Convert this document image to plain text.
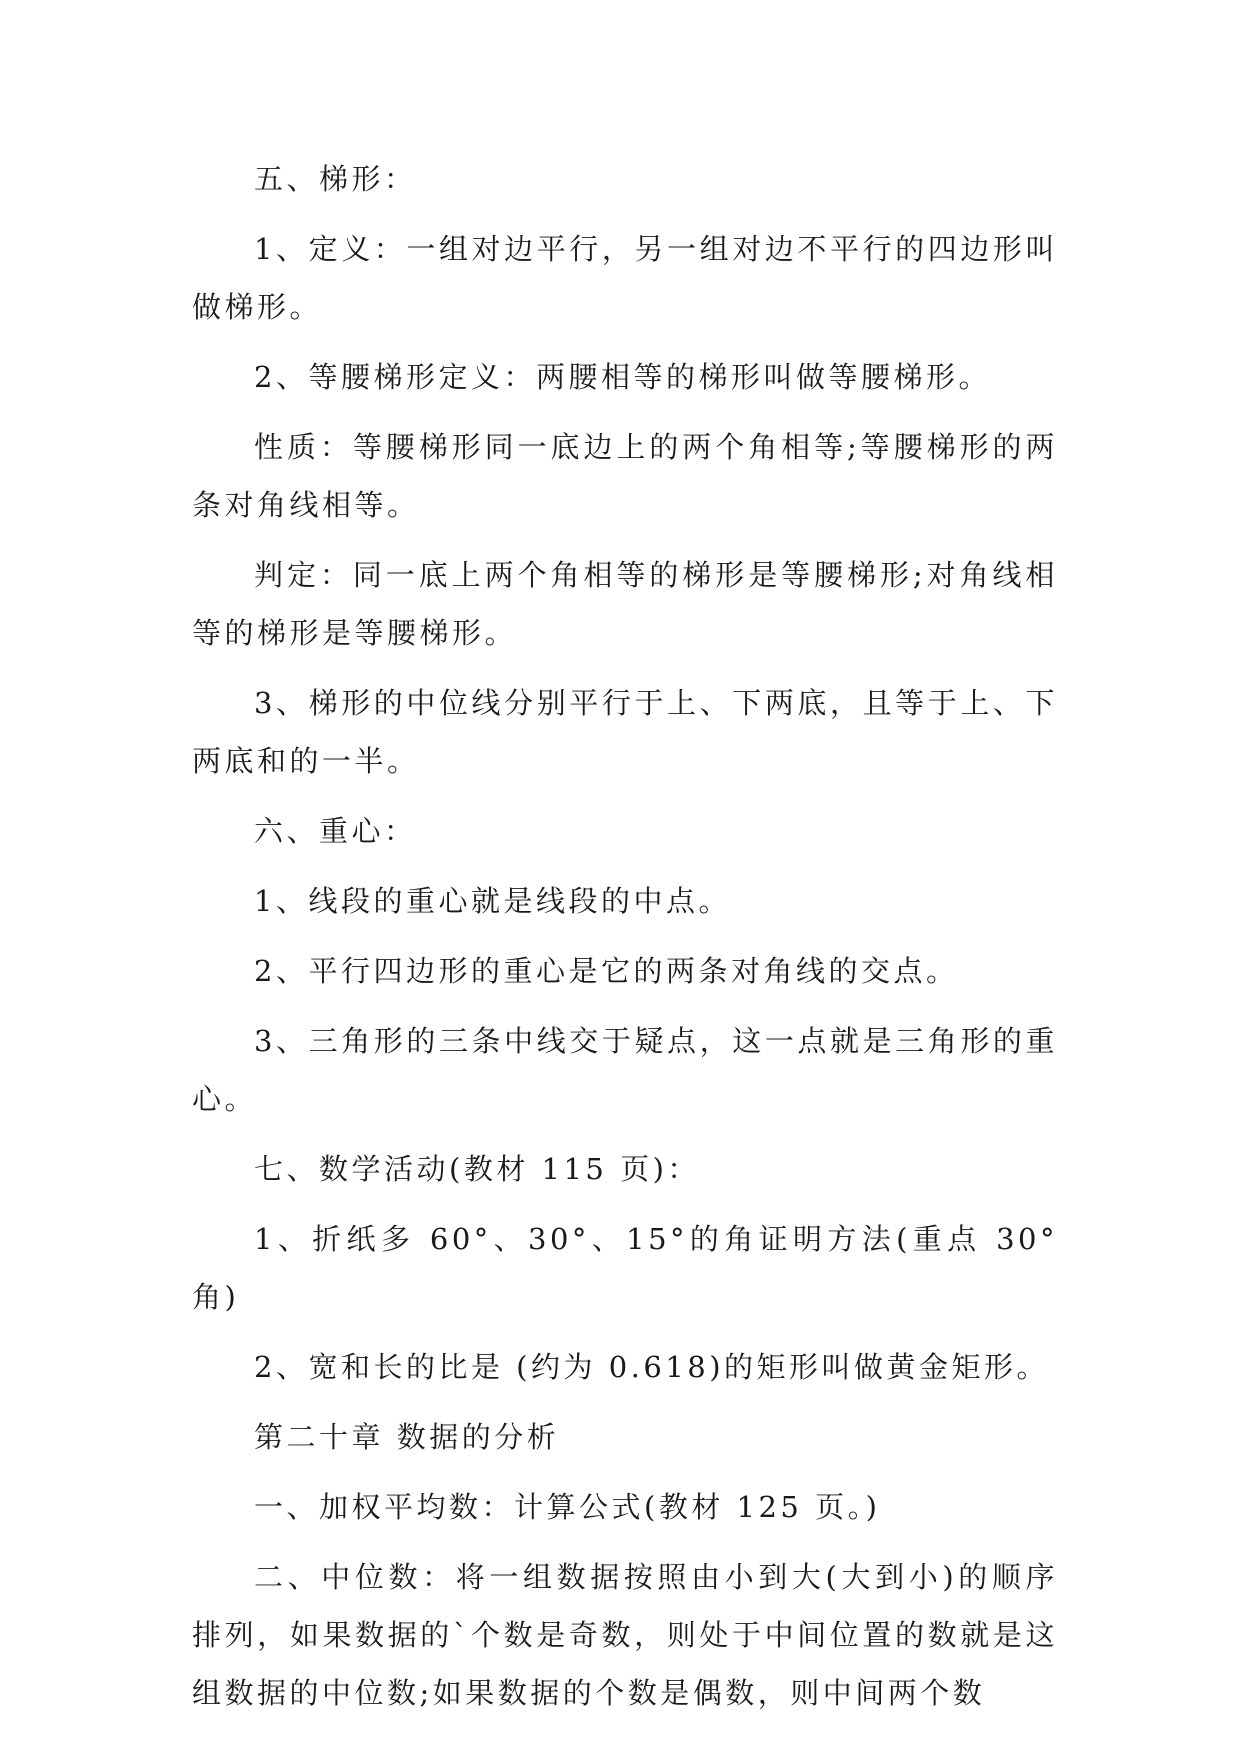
五、梯形：

1、定义：一组对边平行，另一组对边不平行的四边形叫做梯形。

2、等腰梯形定义：两腰相等的梯形叫做等腰梯形。

性质：等腰梯形同一底边上的两个角相等;等腰梯形的两条对角线相等。

判定：同一底上两个角相等的梯形是等腰梯形;对角线相等的梯形是等腰梯形。

3、梯形的中位线分别平行于上、下两底，且等于上、下两底和的一半。

六、重心：

1、线段的重心就是线段的中点。

2、平行四边形的重心是它的两条对角线的交点。

3、三角形的三条中线交于疑点，这一点就是三角形的重心。

七、数学活动(教材 115 页)：

1、折纸多 60°、30°、15°的角证明方法(重点 30°角)

2、宽和长的比是 (约为 0.618)的矩形叫做黄金矩形。

第二十章 数据的分析

一、加权平均数：计算公式(教材 125 页。)

二、中位数：将一组数据按照由小到大(大到小)的顺序排列，如果数据的`个数是奇数，则处于中间位置的数就是这组数据的中位数;如果数据的个数是偶数，则中间两个数
